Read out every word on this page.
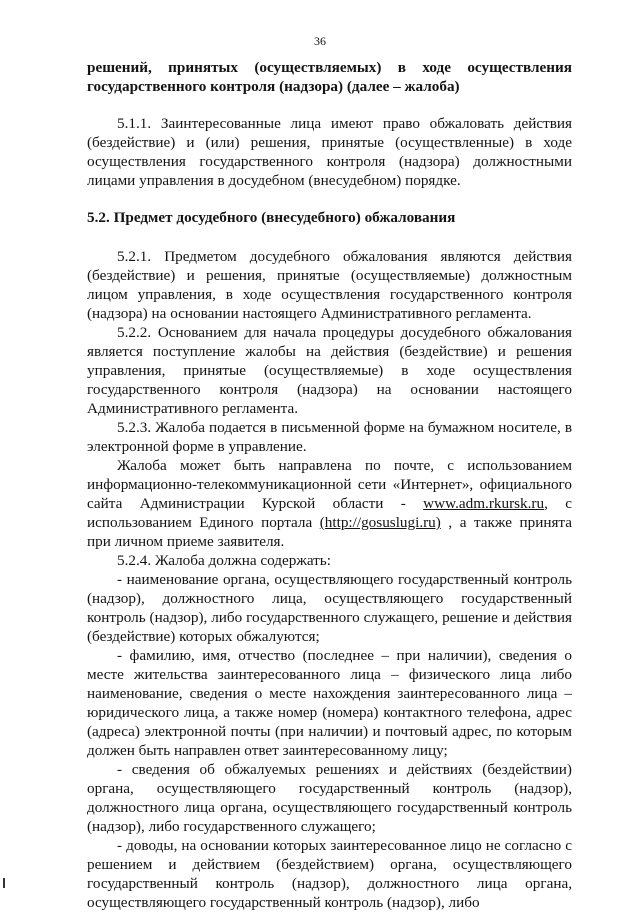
36

решений, принятых (осуществляемых) в ходе осуществления государственного контроля (надзора) (далее – жалоба)

5.1.1. Заинтересованные лица имеют право обжаловать действия (бездействие) и (или) решения, принятые (осуществленные) в ходе осуществления государственного контроля (надзора) должностными лицами управления в досудебном (внесудебном) порядке.

5.2. Предмет досудебного (внесудебного) обжалования

5.2.1. Предметом досудебного обжалования являются действия (бездействие) и решения, принятые (осуществляемые) должностным лицом управления, в ходе осуществления государственного контроля (надзора) на основании настоящего Административного регламента.

5.2.2. Основанием для начала процедуры досудебного обжалования является поступление жалобы на действия (бездействие) и решения управления, принятые (осуществляемые) в ходе осуществления государственного контроля (надзора) на основании настоящего Административного регламента.

5.2.3. Жалоба подается в письменной форме на бумажном носителе, в электронной форме в управление.

Жалоба может быть направлена по почте, с использованием информационно-телекоммуникационной сети «Интернет», официального сайта Администрации Курской области - www.adm.rkursk.ru, с использованием Единого портала (http://gosuslugi.ru) , а также принята при личном приеме заявителя.

5.2.4. Жалоба должна содержать:

- наименование органа, осуществляющего государственный контроль (надзор), должностного лица, осуществляющего государственный контроль (надзор), либо государственного служащего, решение и действия (бездействие) которых обжалуются;

- фамилию, имя, отчество (последнее – при наличии), сведения о месте жительства заинтересованного лица – физического лица либо наименование, сведения о месте нахождения заинтересованного лица – юридического лица, а также номер (номера) контактного телефона, адрес (адреса) электронной почты (при наличии) и почтовый адрес, по которым должен быть направлен ответ заинтересованному лицу;

- сведения об обжалуемых решениях и действиях (бездействии) органа, осуществляющего государственный контроль (надзор), должностного лица органа, осуществляющего государственный контроль (надзор), либо государственного служащего;

- доводы, на основании которых заинтересованное лицо не согласно с решением и действием (бездействием) органа, осуществляющего государственный контроль (надзор), должностного лица органа, осуществляющего государственный контроль (надзор), либо
